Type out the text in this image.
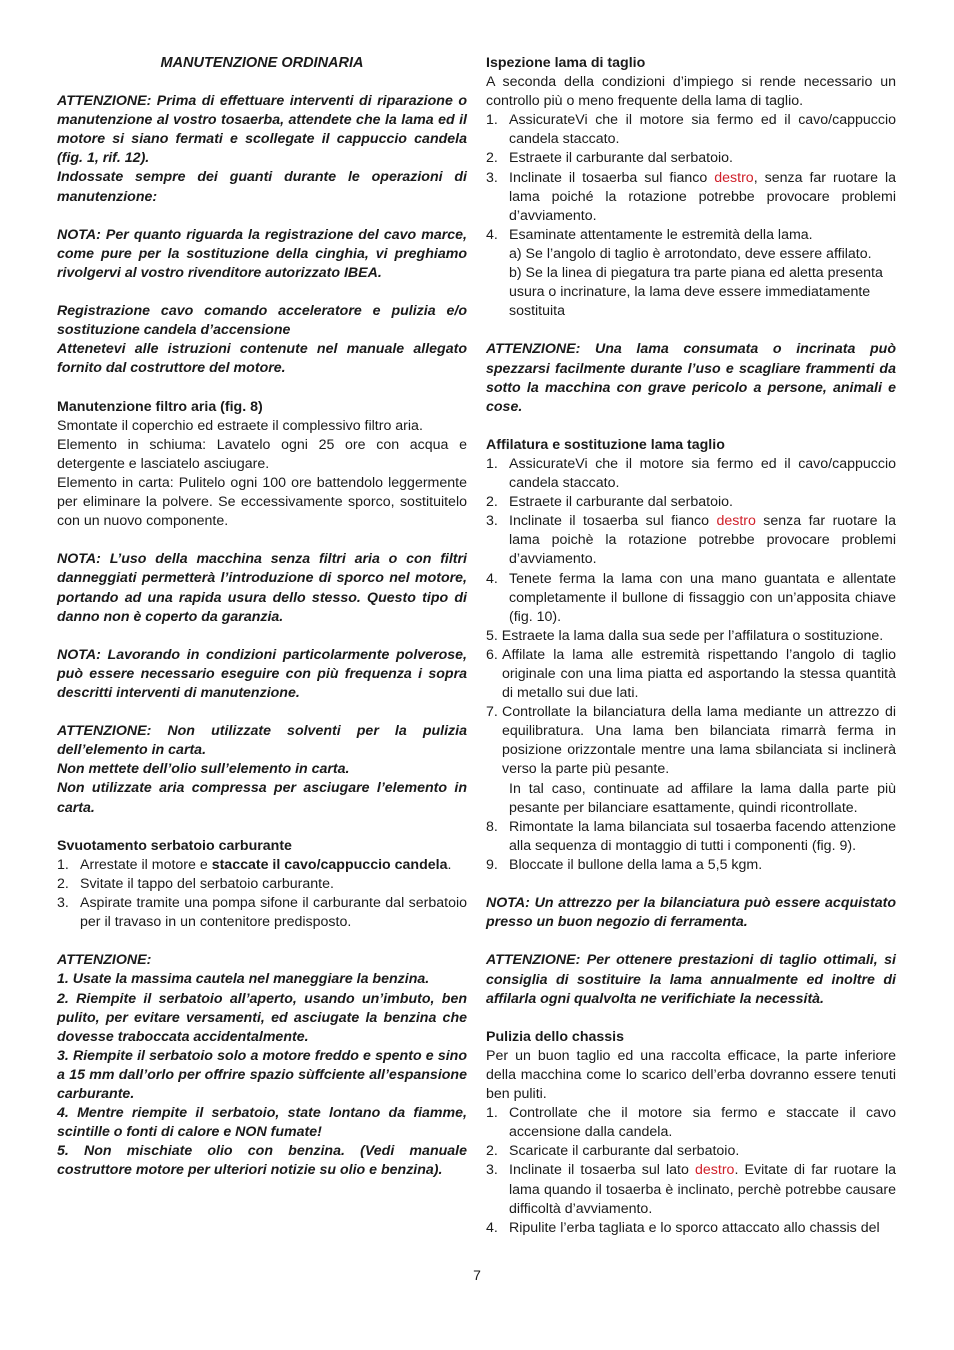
MANUTENZIONE ORDINARIA

ATTENZIONE: Prima di effettuare interventi di riparazione o manutenzione al vostro tosaerba, attendete che la lama ed il motore si siano fermati e scollegate il cappuccio candela (fig. 1, rif. 12).

Indossate sempre dei guanti durante le operazioni di manutenzione:

NOTA: Per quanto riguarda la registrazione del cavo marce, come pure per la sostituzione della cinghia, vi preghiamo rivolgervi al vostro rivenditore autorizzato IBEA.

Registrazione cavo comando acceleratore e pulizia e/o sostituzione candela d’accensione

Attenetevi alle istruzioni contenute nel manuale allegato fornito dal costruttore del motore.

Manutenzione filtro aria (fig. 8)

Smontate il coperchio ed estraete il complessivo filtro aria.

Elemento in schiuma: Lavatelo ogni 25 ore con acqua e detergente e lasciatelo asciugare.

Elemento in carta: Pulitelo ogni 100 ore battendolo leggermente per eliminare la polvere. Se eccessivamente sporco, sostituitelo con un nuovo componente.

NOTA: L’uso della macchina senza filtri aria o con filtri danneggiati permetterà l’introduzione di sporco nel motore, portando ad una rapida usura dello stesso. Questo tipo di danno non è coperto da garanzia.

NOTA: Lavorando in condizioni particolarmente polverose, può essere necessario eseguire con più frequenza i sopra descritti interventi di manutenzione.

ATTENZIONE: Non utilizzate solventi per la pulizia dell’elemento in carta.

Non mettete dell’olio sull’elemento in carta.

Non utilizzate aria compressa per asciugare l’elemento in carta.

Svuotamento serbatoio carburante

1. Arrestate il motore e staccate il cavo/cappuccio candela.
2. Svitate il tappo del serbatoio carburante.
3. Aspirate tramite una pompa sifone il carburante dal serbatoio per il travaso in un contenitore predisposto.

ATTENZIONE:

1. Usate la massima cautela nel maneggiare la benzina.

2. Riempite il serbatoio all’aperto, usando un’imbuto, ben pulito, per evitare versamenti, ed asciugate la benzina che dovesse traboccata accidentalmente.

3. Riempite il serbatoio solo a motore freddo e spento e sino a 15 mm dall’orlo per offrire spazio sùffciente all’espansione carburante.

4. Mentre riempite il serbatoio, state lontano da fiamme, scintille o fonti di calore e NON fumate!

5. Non mischiate olio con benzina. (Vedi manuale costruttore motore per ulteriori notizie su olio e benzina).

Ispezione lama di taglio

A seconda della condizioni d’impiego si rende necessario un controllo più o meno frequente della lama di taglio.

1. AssicurateVi che il motore sia fermo ed il cavo/cappuccio candela staccato.
2. Estraete il carburante dal serbatoio.
3. Inclinate il tosaerba sul fianco destro, senza far ruotare la lama poiché la rotazione potrebbe provocare problemi d’avviamento.
4. Esaminate attentamente le estremità della lama.
a) Se l’angolo di taglio è arrotondato, deve essere affilato.
b) Se la linea di piegatura tra parte piana ed aletta presenta usura o incrinature, la lama deve essere immediatamente sostituita

ATTENZIONE: Una lama consumata o incrinata può spezzarsi facilmente durante l’uso e scagliare frammenti da sotto la macchina con grave pericolo a persone, animali e cose.

Affilatura e sostituzione lama taglio

1. AssicurateVi che il motore sia fermo ed il cavo/cappuccio candela staccato.
2. Estraete il carburante dal serbatoio.
3. Inclinate il tosaerba sul fianco destro senza far ruotare la lama poichè la rotazione potrebbe provocare problemi d’avviamento.
4. Tenete ferma la lama con una mano guantata e allentate completamente il bullone di fissaggio con un’apposita chiave (fig. 10).
5. Estraete la lama dalla sua sede per l’affilatura o sostituzione.
6. Affilate la lama alle estremità rispettando l’angolo di taglio originale con una lima piatta ed asportando la stessa quantità di metallo sui due lati.
7. Controllate la bilanciatura della lama mediante un attrezzo di equilibratura. Una lama ben bilanciata rimarrà ferma in posizione orizzontale mentre una lama sbilanciata si inclinerà verso la parte più pesante.
In tal caso, continuate ad affilare la lama dalla parte più pesante per bilanciare esattamente, quindi ricontrollate.
8. Rimontate la lama bilanciata sul tosaerba facendo attenzione alla sequenza di montaggio di tutti i componenti (fig. 9).
9. Bloccate il bullone della lama a 5,5 kgm.

NOTA: Un attrezzo per la bilanciatura può essere acquistato presso un buon negozio di ferramenta.

ATTENZIONE: Per ottenere prestazioni di taglio ottimali, si consiglia di sostituire la lama annualmente ed inoltre di affilarla ogni qualvolta ne verifichiate la necessità.

Pulizia dello chassis

Per un buon taglio ed una raccolta efficace, la parte inferiore della macchina come lo scarico dell’erba dovranno essere tenuti ben puliti.

1. Controllate che il motore sia fermo e staccate il cavo accensione dalla candela.
2. Scaricate il carburante dal serbatoio.
3. Inclinate il tosaerba sul lato destro. Evitate di far ruotare la lama quando il tosaerba è inclinato, perchè potrebbe causare difficoltà d’avviamento.
4. Ripulite l’erba tagliata e lo sporco attaccato allo chassis del
7
